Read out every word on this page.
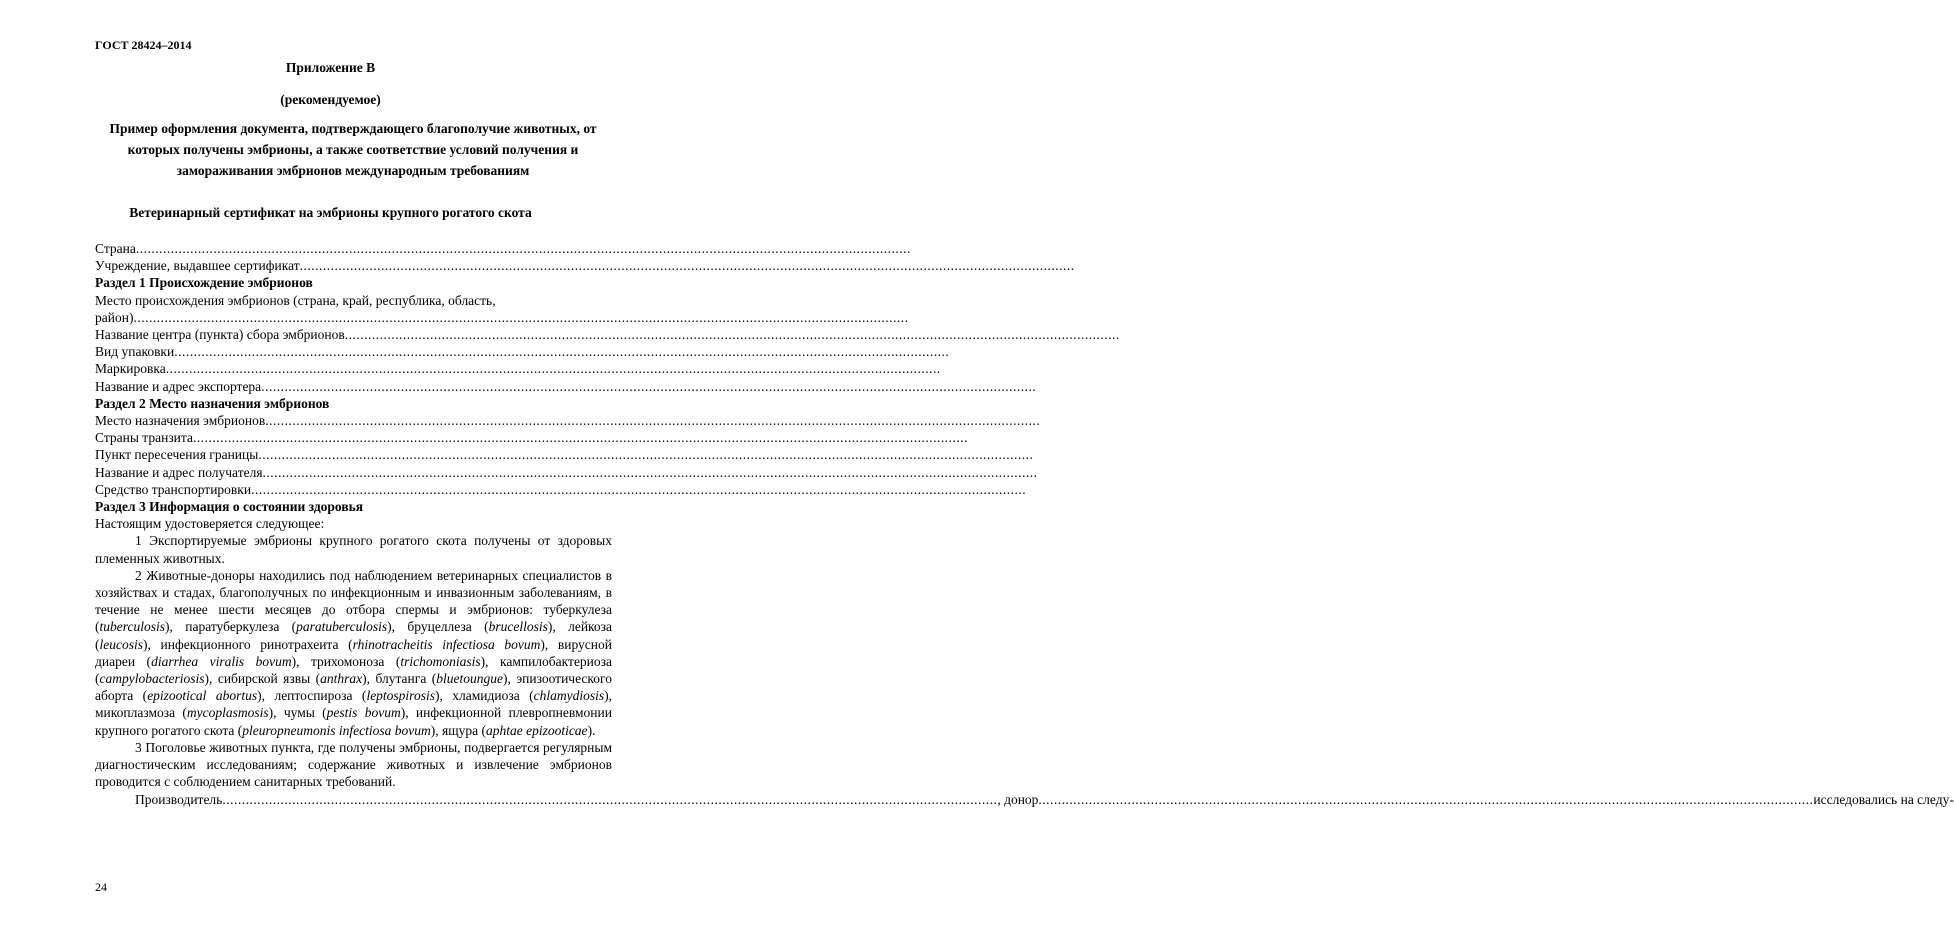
ГОСТ 28424–2014
Приложение В
(рекомендуемое)
Пример оформления документа, подтверждающего благополучие животных, от которых получены эмбрионы, а также соответствие условий получения и замораживания эмбрионов международным требованиям
Ветеринарный сертификат на эмбрионы крупного рогатого скота
Страна ........................................................................................................................................................................................................
Учреждение, выдавшее сертификат ........................................................................................................................................................................................................
Раздел 1 Происхождение эмбрионов
Место происхождения эмбрионов (страна, край, республика, область,
район) ........................................................................................................................................................................................................
Название центра (пункта) сбора эмбрионов ........................................................................................................................................................................................................
Вид упаковки ........................................................................................................................................................................................................
Маркировка ........................................................................................................................................................................................................
Название и адрес экспортера ........................................................................................................................................................................................................
Раздел 2 Место назначения эмбрионов
Место назначения эмбрионов ........................................................................................................................................................................................................
Страны транзита ........................................................................................................................................................................................................
Пункт пересечения границы ........................................................................................................................................................................................................
Название и адрес получателя ........................................................................................................................................................................................................
Средство транспортировки ........................................................................................................................................................................................................
Раздел 3 Информация о состоянии здоровья
Настоящим удостоверяется следующее:
1 Экспортируемые эмбрионы крупного рогатого скота получены от здоровых племенных животных.
2 Животные-доноры находились под наблюдением ветеринарных специалистов в хозяйствах и стадах, благополучных по инфекционным и инвазионным заболеваниям, в течение не менее шести месяцев до отбора спермы и эмбрионов: туберкулеза (tuberculosis), паратуберкулеза (paratuberculosis), бруцеллеза (brucellosis), лейкоза (leucosis), инфекционного ринотрахеита (rhinotracheitis infectiosa bovum), вирусной диареи (diarrhea viralis bovum), трихомоноза (trichomoniasis), кампилобактериоза (campylobacteriosis), сибирской язвы (anthrax), блутанга (bluetoungue), эпизоотического аборта (epizootical abortus), лептоспироза (leptospirosis), хламидиоза (chlamydiosis), микоплазмоза (mycoplasmosis), чумы (pestis bovum), инфекционной плевропневмонии крупного рогатого скота (pleuropneumonis infectiosa bovum), ящура (aphtae epizooticae).
3 Поголовье животных пункта, где получены эмбрионы, подвергается регулярным диагностическим исследованиям; содержание животных и извлечение эмбрионов проводится с соблюдением санитарных требований.
Производитель ........................................................................................................................................................................................................ , донор ........................................................................................................................................................................................................ исследовались на следу-
24
